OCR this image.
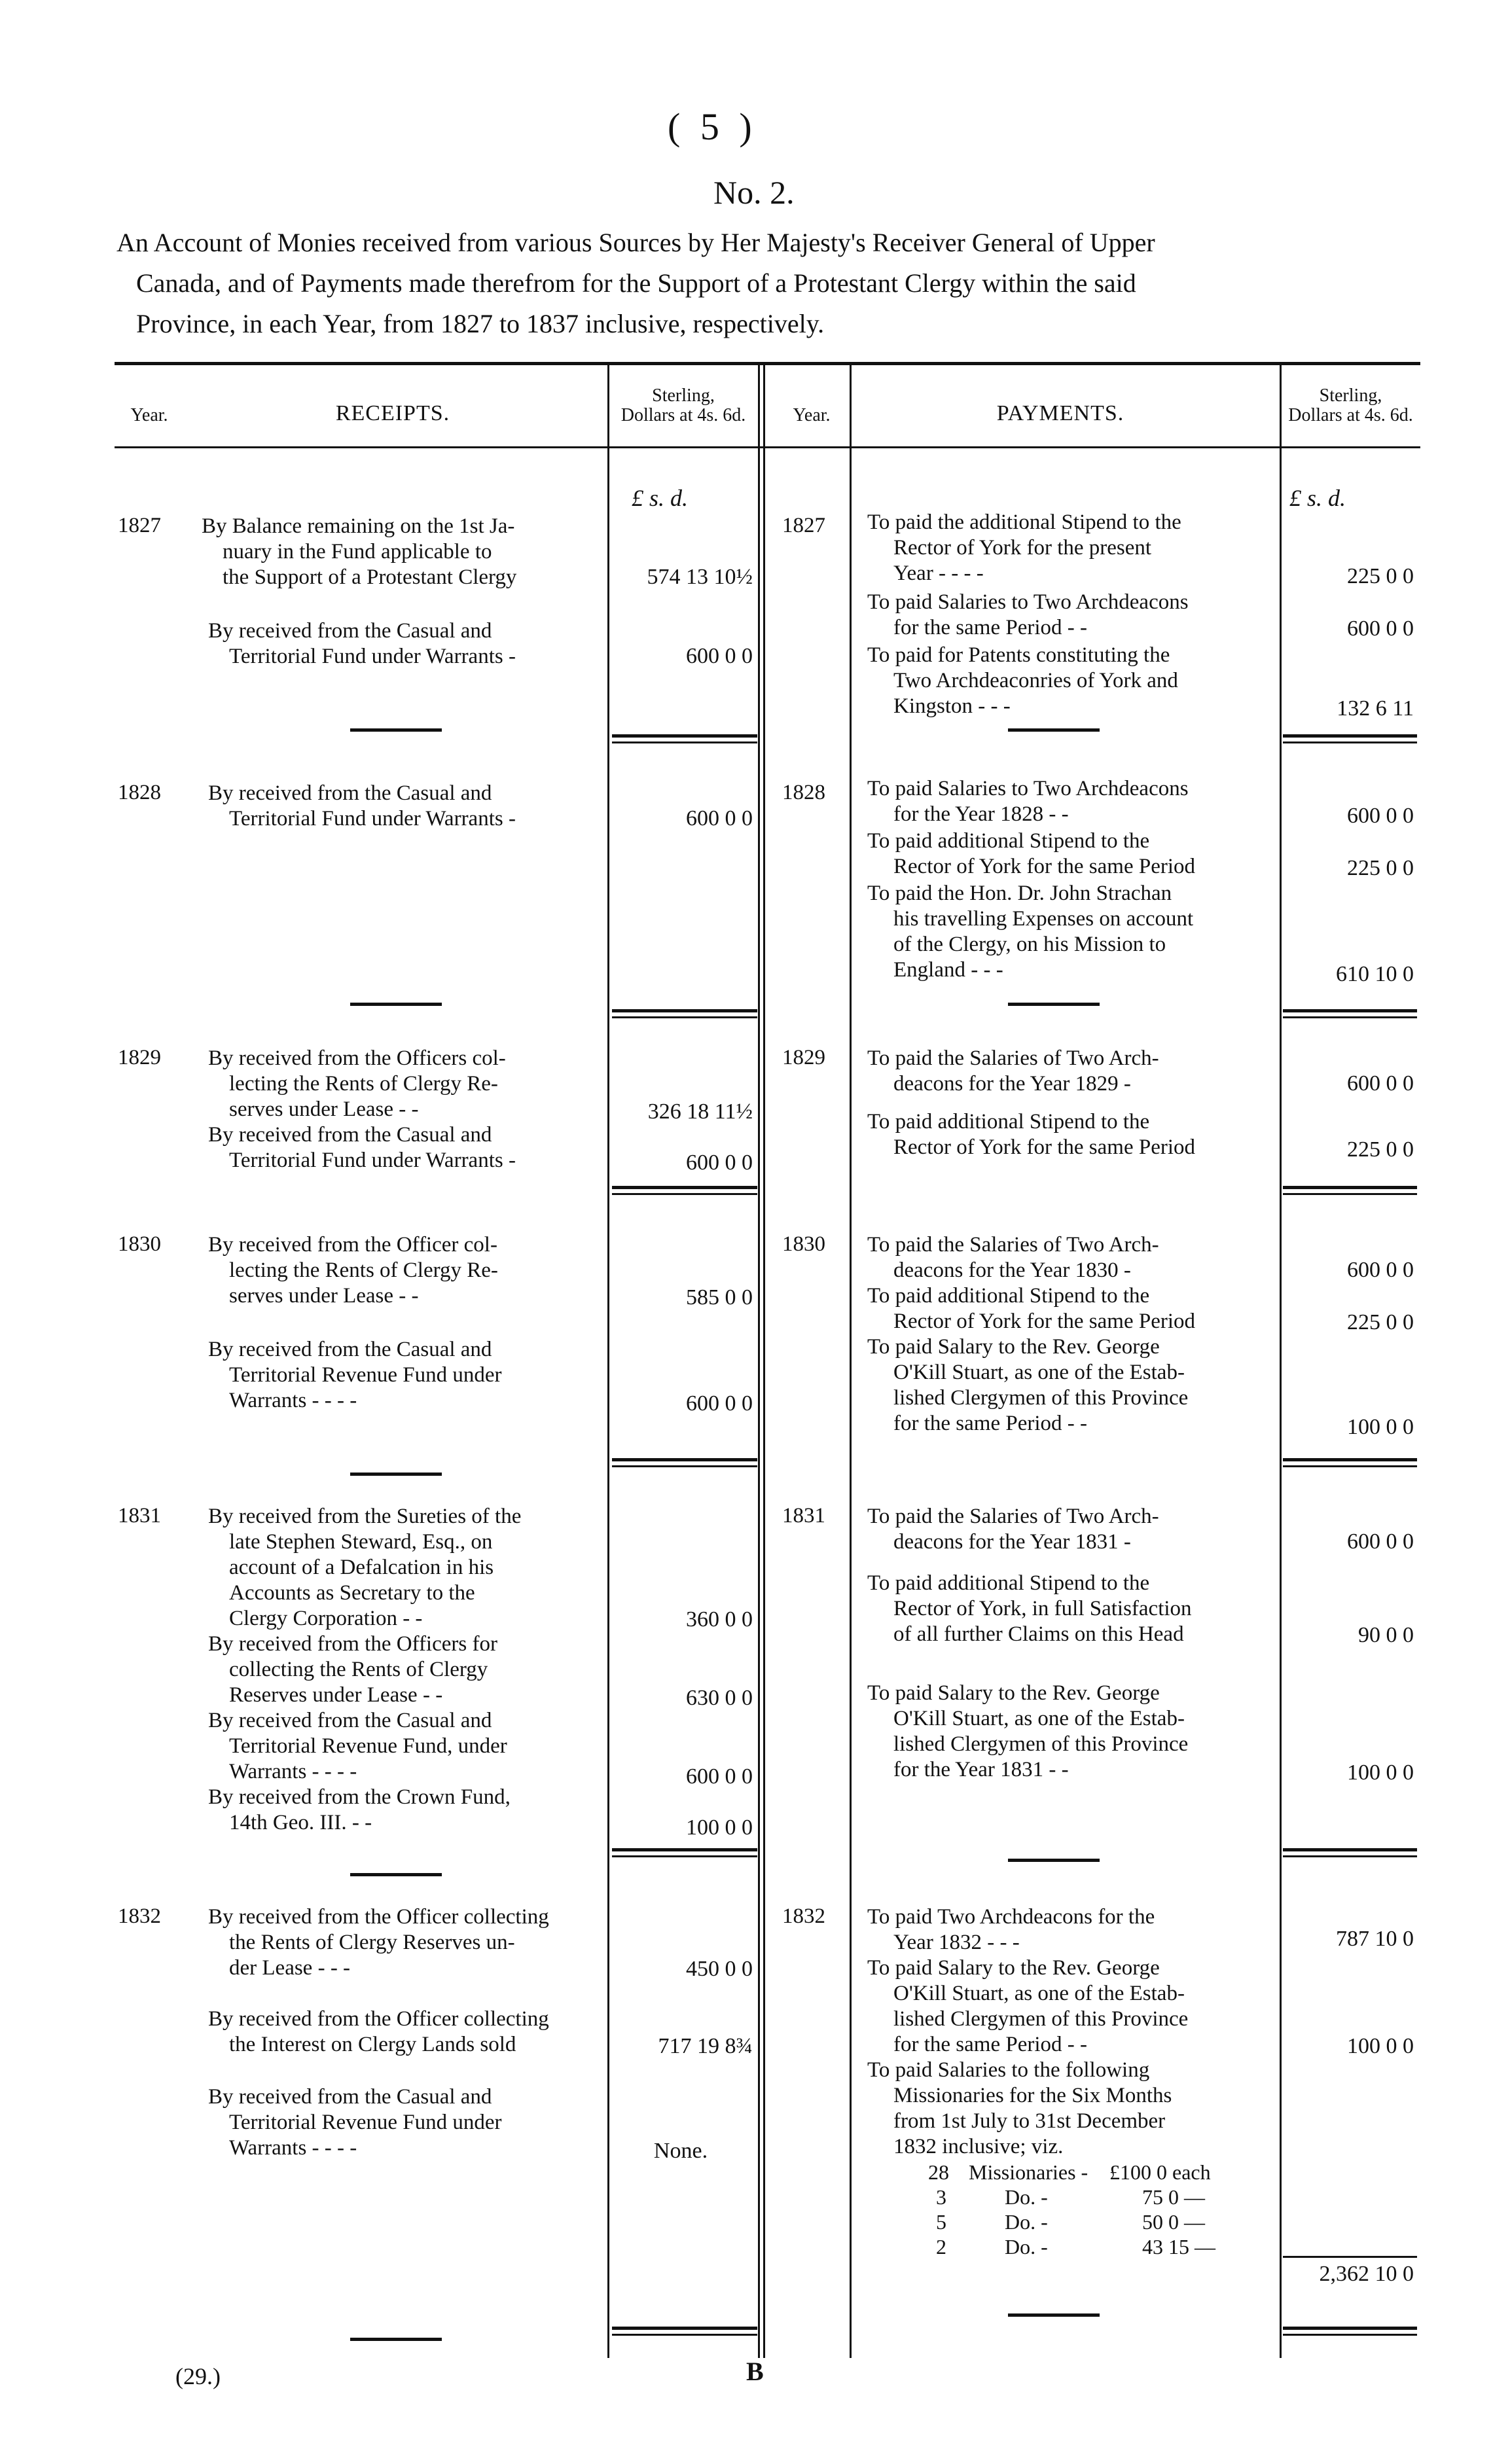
( 5 )
No. 2.
An Account of Monies received from various Sources by Her Majesty's Receiver General of Upper
Canada, and of Payments made therefrom for the Support of a Protestant Clergy within the said
Province, in each Year, from 1827 to 1837 inclusive, respectively.
Year.	RECEIPTS.
Sterling,
Dollars at 4s. 6d.	Year.	PAYMENTS.
Sterling,
Dollars at 4s. 6d.
£ s. d.	£ s. d.
1827	1827
By Balance remaining on the 1st Ja-
nuary in the Fund applicable to
the Support of a Protestant Clergy	574 13 10½
By received from the Casual and
Territorial Fund under Warrants -	600 0 0
To paid the additional Stipend to the
Rector of York for the present
Year - - - -	225 0 0
To paid Salaries to Two Archdeacons
for the same Period - -	600 0 0
To paid for Patents constituting the
Two Archdeaconries of York and
Kingston - - -	132 6 11
1828	1828
By received from the Casual and
Territorial Fund under Warrants -	600 0 0
To paid Salaries to Two Archdeacons
for the Year 1828 - -	600 0 0
To paid additional Stipend to the
Rector of York for the same Period	225 0 0
To paid the Hon. Dr. John Strachan
his travelling Expenses on account
of the Clergy, on his Mission to
England - - -	610 10 0
1829	1829
By received from the Officers col-
lecting the Rents of Clergy Re-
serves under Lease - -	326 18 11½
By received from the Casual and
Territorial Fund under Warrants -	600 0 0
To paid the Salaries of Two Arch-
deacons for the Year 1829 -	600 0 0
To paid additional Stipend to the
Rector of York for the same Period	225 0 0
1830	1830
By received from the Officer col-
lecting the Rents of Clergy Re-
serves under Lease - -	585 0 0
By received from the Casual and
Territorial Revenue Fund under
Warrants - - - -	600 0 0
To paid the Salaries of Two Arch-
deacons for the Year 1830 -	600 0 0
To paid additional Stipend to the
Rector of York for the same Period	225 0 0
To paid Salary to the Rev. George
O'Kill Stuart, as one of the Estab-
lished Clergymen of this Province
for the same Period - -	100 0 0
1831	1831
By received from the Sureties of the
late Stephen Steward, Esq., on
account of a Defalcation in his
Accounts as Secretary to the
Clergy Corporation - -	360 0 0
By received from the Officers for
collecting the Rents of Clergy
Reserves under Lease - -	630 0 0
By received from the Casual and
Territorial Revenue Fund, under
Warrants - - - -	600 0 0
By received from the Crown Fund,
14th Geo. III. - -	100 0 0
To paid the Salaries of Two Arch-
deacons for the Year 1831 -	600 0 0
To paid additional Stipend to the
Rector of York, in full Satisfaction
of all further Claims on this Head	90 0 0
To paid Salary to the Rev. George
O'Kill Stuart, as one of the Estab-
lished Clergymen of this Province
for the Year 1831 - -	100 0 0
1832	1832
By received from the Officer collecting
the Rents of Clergy Reserves un-
der Lease - - -	450 0 0
By received from the Officer collecting
the Interest on Clergy Lands sold	717 19 8¾
By received from the Casual and
Territorial Revenue Fund under
Warrants - - - -	None.
To paid Two Archdeacons for the
Year 1832 - - -	787 10 0
To paid Salary to the Rev. George
O'Kill Stuart, as one of the Estab-
lished Clergymen of this Province
for the same Period - -	100 0 0
To paid Salaries to the following
Missionaries for the Six Months
from 1st July to 31st December
1832 inclusive; viz.
28 Missionaries - £100 0 each
3	Do. -	75 0 —
5	Do. -	50 0 —
2	Do. -	43 15 —
2,362 10 0
(29.)	B
